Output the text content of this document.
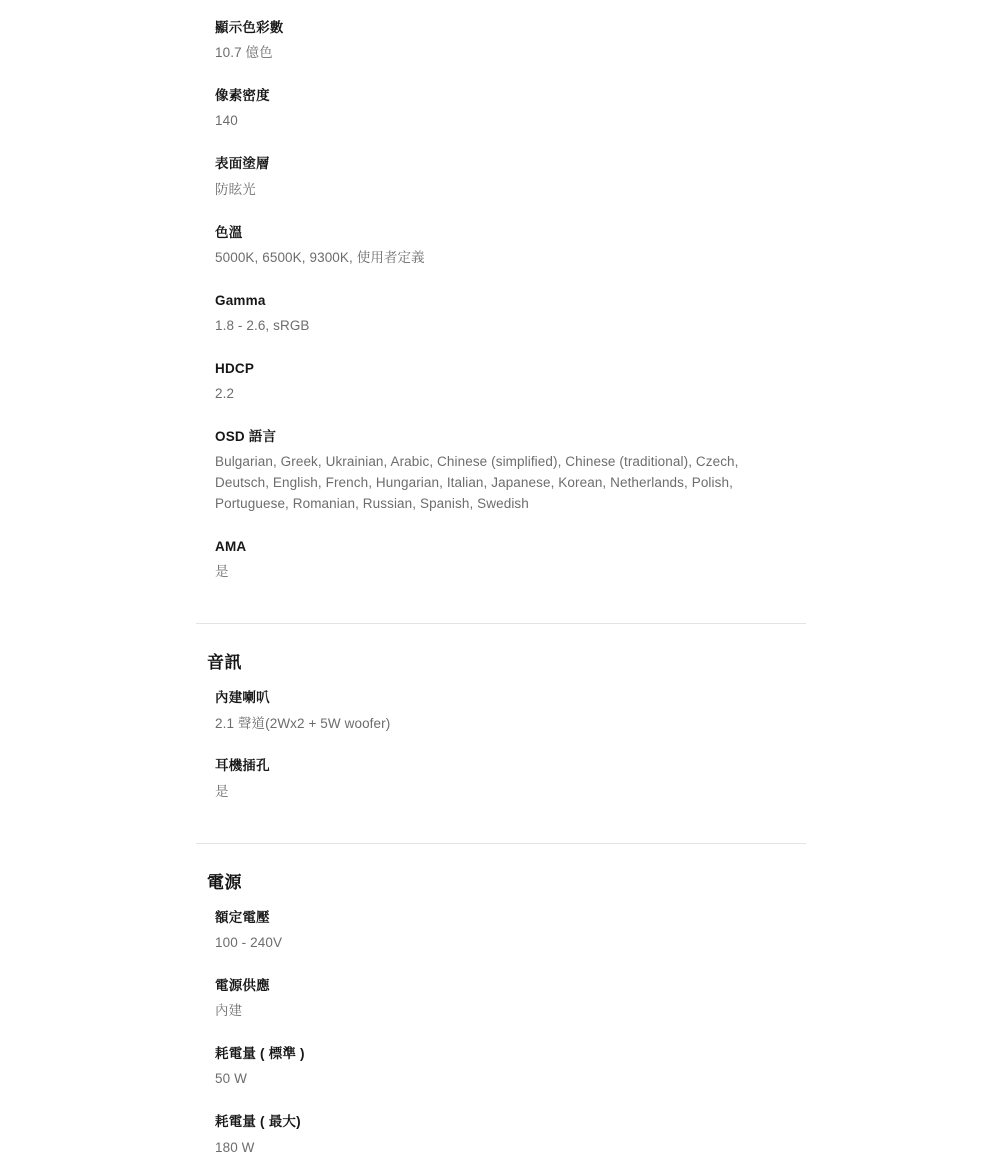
顯示色彩數
10.7 億色
像素密度
140
表面塗層
防眩光
色溫
5000K, 6500K, 9300K, 使用者定義
Gamma
1.8 - 2.6, sRGB
HDCP
2.2
OSD 語言
Bulgarian, Greek, Ukrainian, Arabic, Chinese (simplified), Chinese (traditional), Czech, Deutsch, English, French, Hungarian, Italian, Japanese, Korean, Netherlands, Polish, Portuguese, Romanian, Russian, Spanish, Swedish
AMA
是
音訊
內建喇叭
2.1 聲道(2Wx2 + 5W woofer)
耳機插孔
是
電源
額定電壓
100 - 240V
電源供應
內建
耗電量 ( 標準 )
50 W
耗電量 ( 最大)
180 W
